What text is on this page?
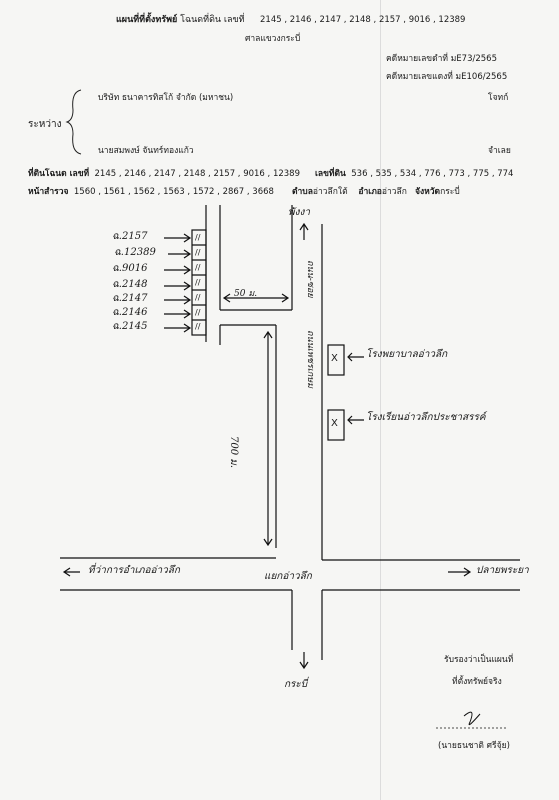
แผนที่ที่ตั้งทรัพย์ โฉนดที่ดิน เลขที่ 2145 , 2146 , 2147 , 2148 , 2157 , 9016 , 12389
ศาลแขวงกระบี่
คดีหมายเลขดำที่ มE73/2565
คดีหมายเลขแดงที่ มE106/2565
ระหว่าง
บริษัท ธนาคารทิสโก้ จำกัด (มหาชน)	โจทก์
นายสมพงษ์ จันทร์ทองแก้ว	จำเลย
ที่ดินโฉนด เลขที่ 2145 , 2146 , 2147 , 2148 , 2157 , 9016 , 12389 เลขที่ดิน 536 , 535 , 534 , 776 , 773 , 775 , 774
หน้าสำรวจ 1560 , 1561 , 1562 , 1563 , 1572 , 2867 , 3668 ตำบลอ่าวลึกใต้ อำเภออ่าวลึก จังหวัดกระบี่
ฉ.2157
ฉ.12389
ฉ.9016
ฉ.2148
ฉ.2147
ฉ.2146
ฉ.2145
//
//
//
//
//
//
//
พังงา
50 ม.
700 ม.
ถนน-ซอย
ถนนเพชรเกษม X
X
โรงพยาบาลอ่าวลึก
โรงเรียนอ่าวลึกประชาสรรค์
ที่ว่าการอำเภออ่าวลึก
แยกอ่าวลึก
ปลายพระยา
กระบี่
รับรองว่าเป็นแผนที่
ที่ตั้งทรัพย์จริง
(นายธนชาติ ศรีจุ้ย)
